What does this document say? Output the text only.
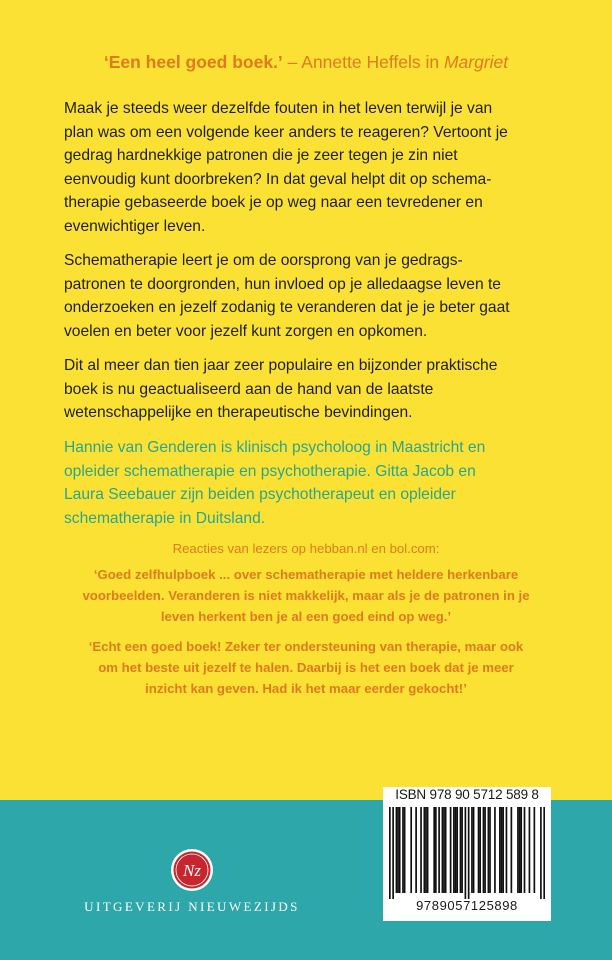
‘Een heel goed boek.’ – Annette Heffels in Margriet

Maak je steeds weer dezelfde fouten in het leven terwijl je van
plan was om een volgende keer anders te reageren? Vertoont je
gedrag hardnekkige patronen die je zeer tegen je zin niet
eenvoudig kunt doorbreken? In dat geval helpt dit op schema-
therapie gebaseerde boek je op weg naar een tevredener en
evenwichtiger leven.

Schematherapie leert je om de oorsprong van je gedrags-
patronen te doorgronden, hun invloed op je alledaagse leven te
onderzoeken en jezelf zodanig te veranderen dat je je beter gaat
voelen en beter voor jezelf kunt zorgen en opkomen.

Dit al meer dan tien jaar zeer populaire en bijzonder praktische
boek is nu geactualiseerd aan de hand van de laatste
wetenschappelijke en therapeutische bevindingen.

Hannie van Genderen is klinisch psycholoog in Maastricht en
opleider schematherapie en psychotherapie. Gitta Jacob en
Laura Seebauer zijn beiden psychotherapeut en opleider
schematherapie in Duitsland.

Reacties van lezers op hebban.nl en bol.com:

‘Goed zelfhulpboek ... over schematherapie met heldere herkenbare
voorbeelden. Veranderen is niet makkelijk, maar als je de patronen in je
leven herkent ben je al een goed eind op weg.’

‘Echt een goed boek! Zeker ter ondersteuning van therapie, maar ook
om het beste uit jezelf te halen. Daarbij is het een boek dat je meer
inzicht kan geven. Had ik het maar eerder gekocht!’

Nz
UITGEVERIJ NIEUWEZIJDS
ISBN 978 90 5712 589 8
9789057125898
